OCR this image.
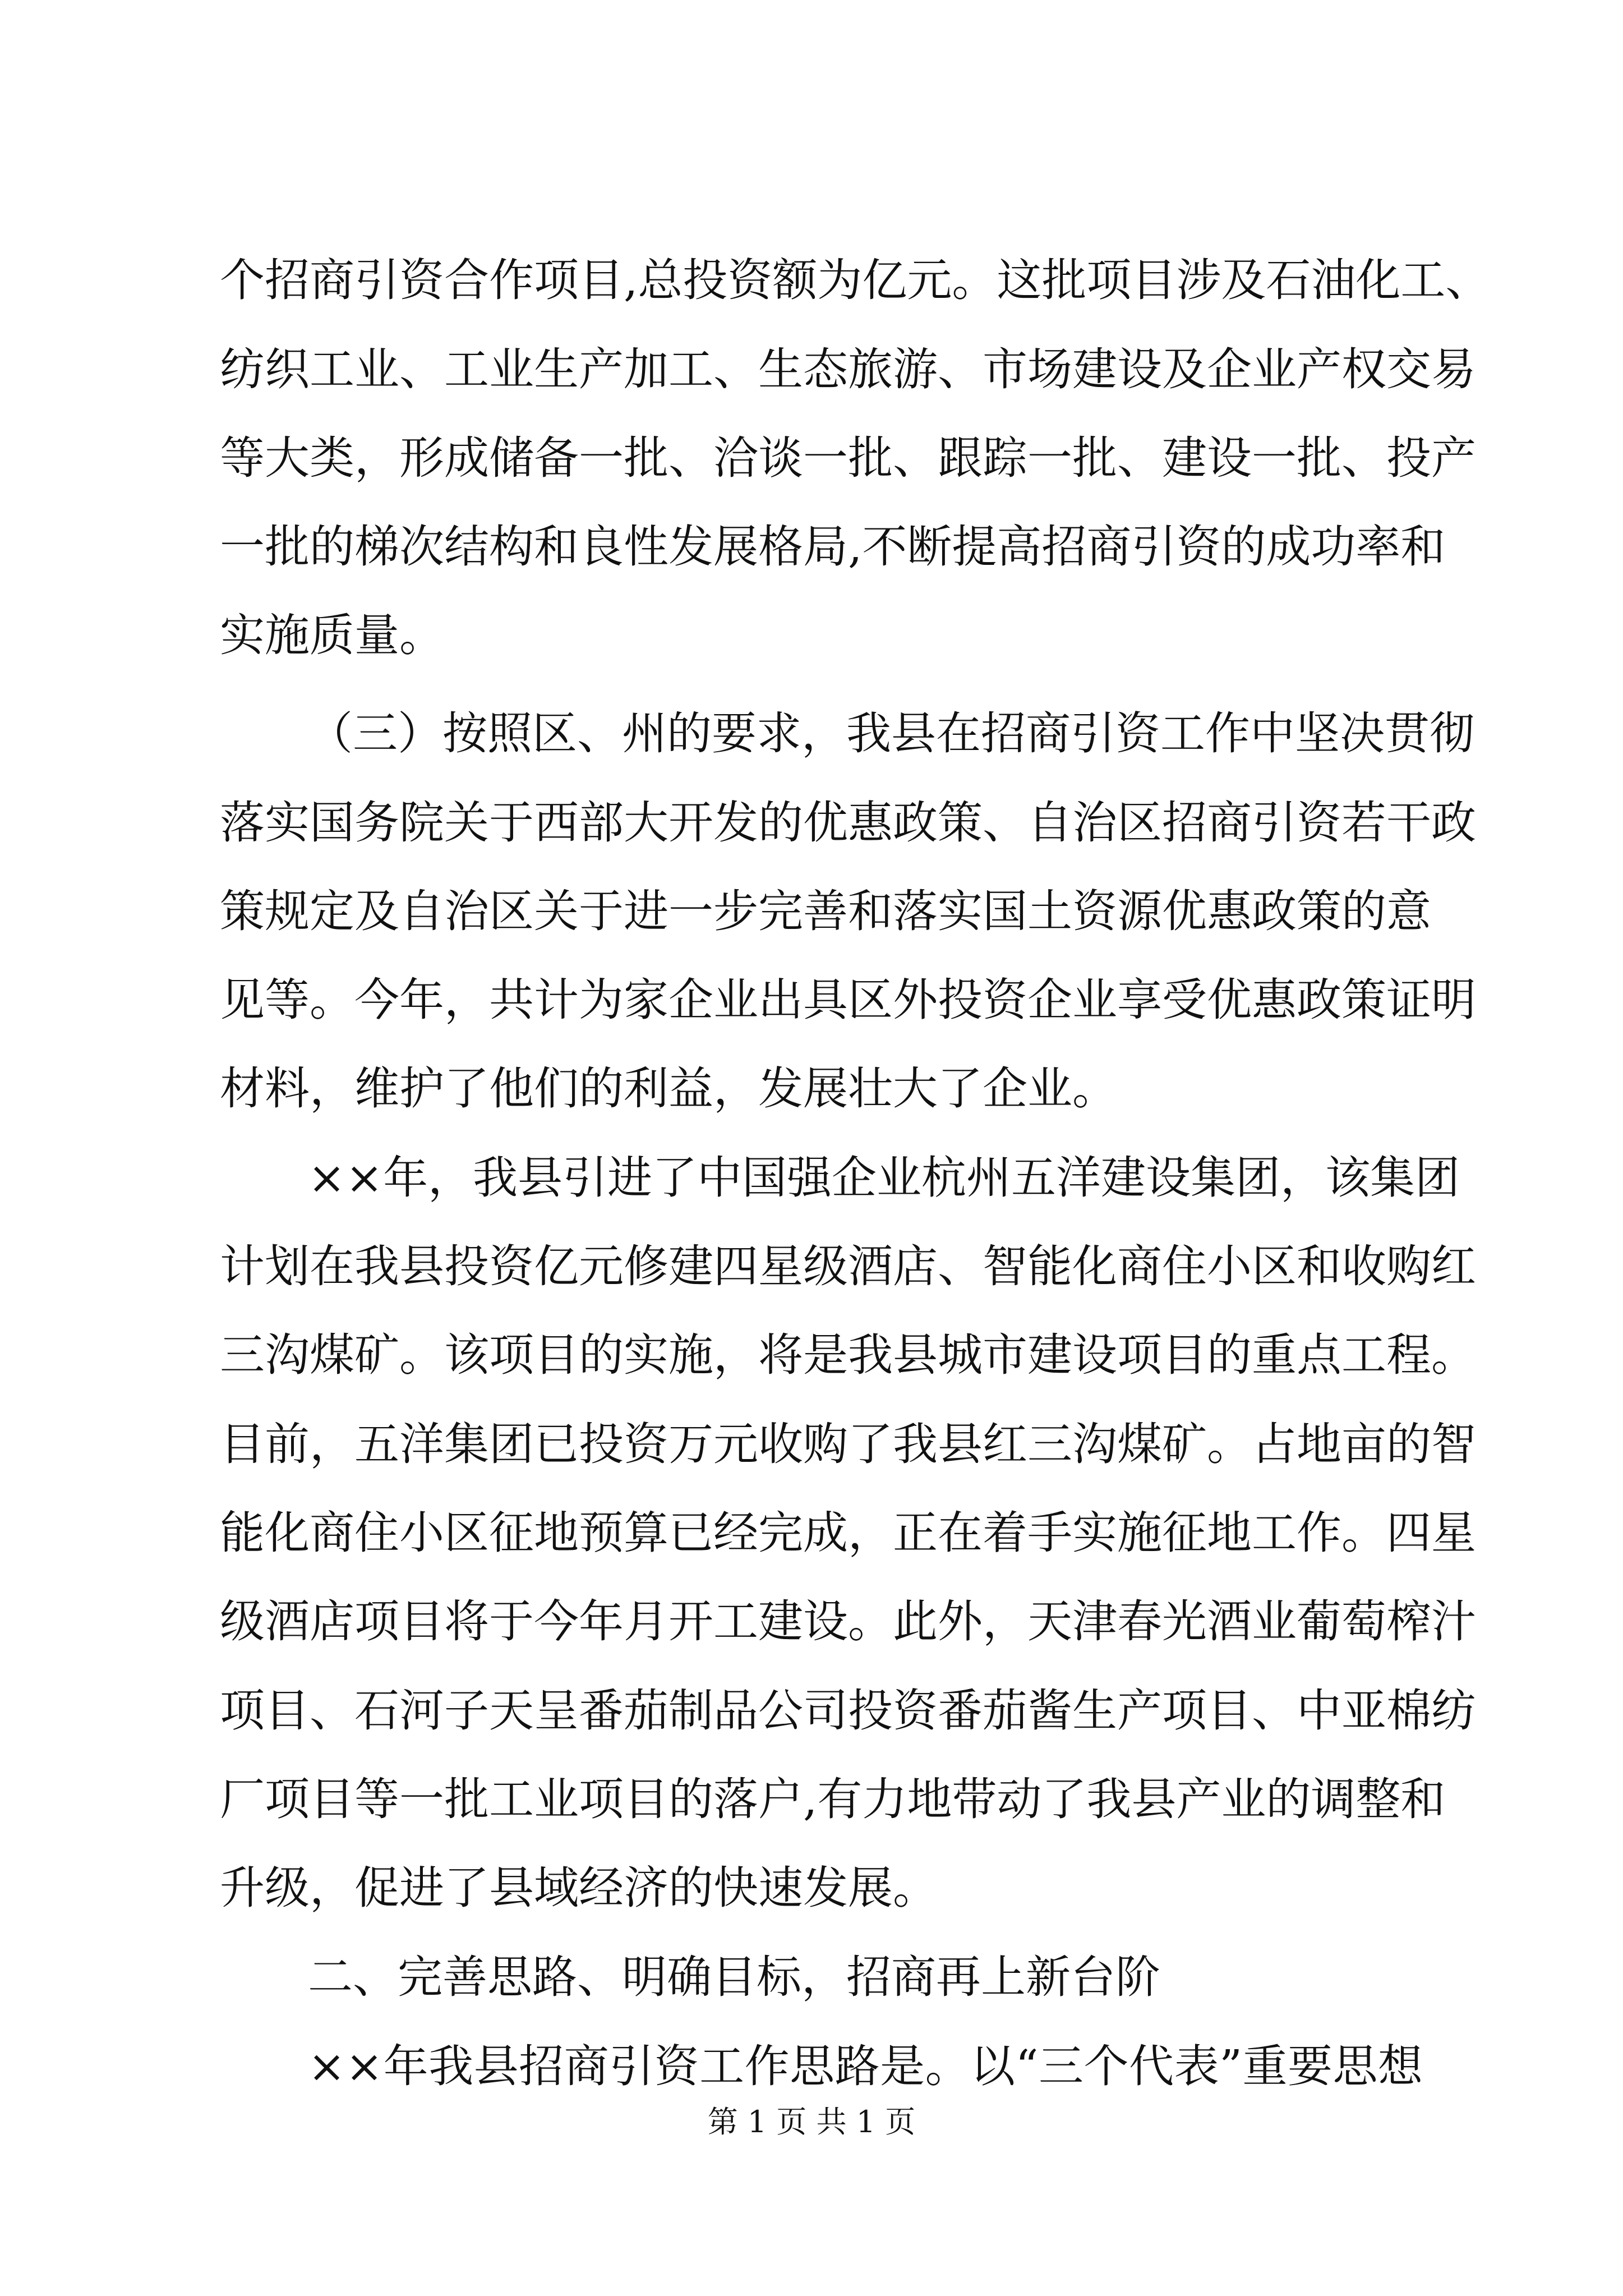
个招商引资合作项目,总投资额为亿元。这批项目涉及石油化工、
纺织工业、工业生产加工、生态旅游、市场建设及企业产权交易
等大类，形成储备一批、洽谈一批、跟踪一批、建设一批、投产
一批的梯次结构和良性发展格局,不断提高招商引资的成功率和
实施质量。
（三）按照区、州的要求，我县在招商引资工作中坚决贯彻
落实国务院关于西部大开发的优惠政策、自治区招商引资若干政
策规定及自治区关于进一步完善和落实国土资源优惠政策的意
见等。今年，共计为家企业出具区外投资企业享受优惠政策证明
材料，维护了他们的利益，发展壮大了企业。
××年，我县引进了中国强企业杭州五洋建设集团，该集团
计划在我县投资亿元修建四星级酒店、智能化商住小区和收购红
三沟煤矿。该项目的实施，将是我县城市建设项目的重点工程。
目前，五洋集团已投资万元收购了我县红三沟煤矿。占地亩的智
能化商住小区征地预算已经完成，正在着手实施征地工作。四星
级酒店项目将于今年月开工建设。此外，天津春光酒业葡萄榨汁
项目、石河子天呈番茄制品公司投资番茄酱生产项目、中亚棉纺
厂项目等一批工业项目的落户,有力地带动了我县产业的调整和
升级，促进了县域经济的快速发展。
二、完善思路、明确目标，招商再上新台阶
××年我县招商引资工作思路是。以“三个代表”重要思想
第 1 页 共 1 页
